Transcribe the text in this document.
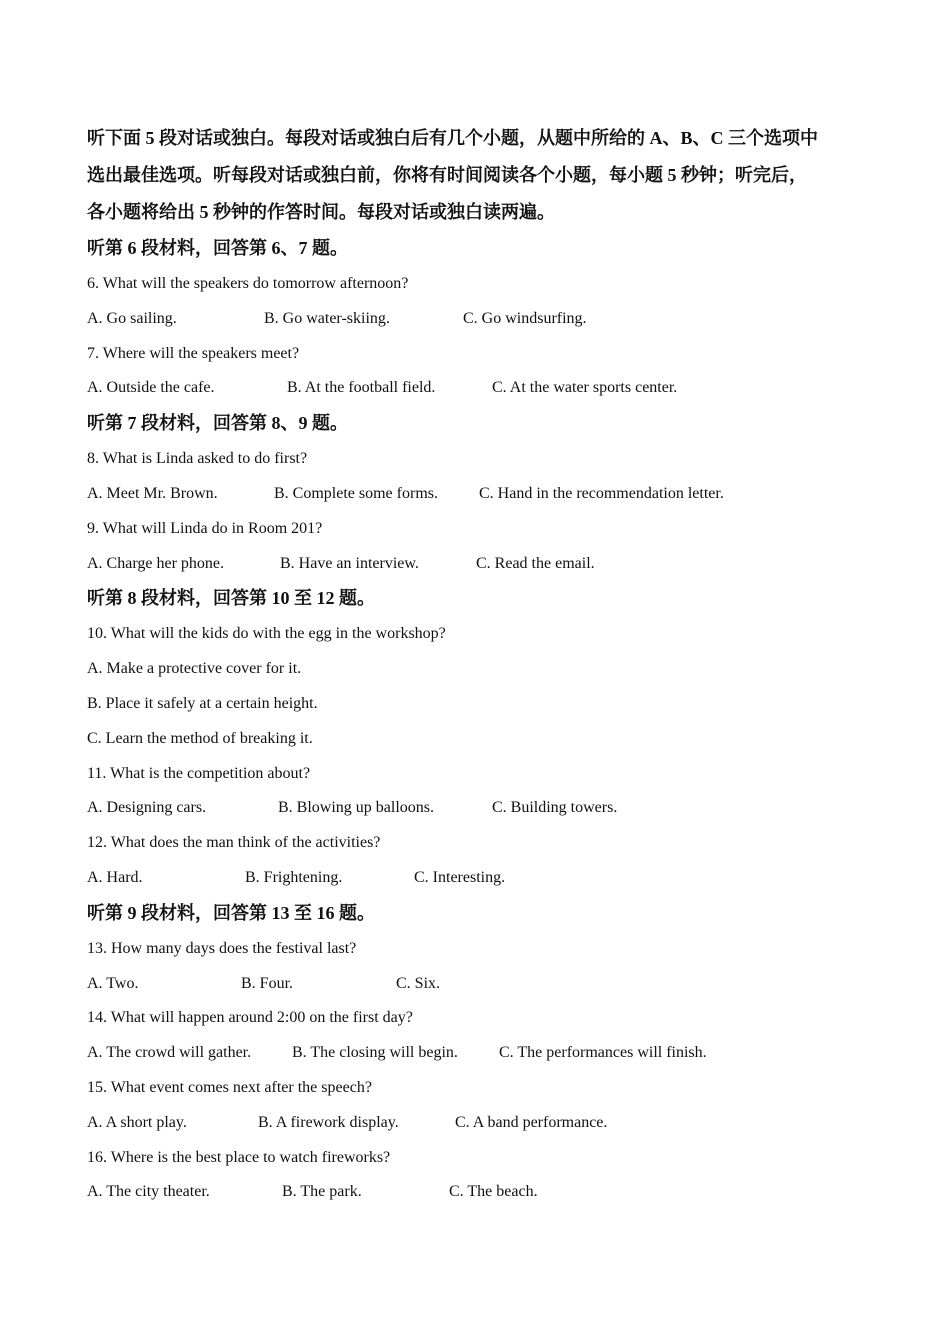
听下面 5 段对话或独白。每段对话或独白后有几个小题，从题中所给的 A、B、C 三个选项中
选出最佳选项。听每段对话或独白前，你将有时间阅读各个小题，每小题 5 秒钟；听完后，
各小题将给出 5 秒钟的作答时间。每段对话或独白读两遍。

听第 6 段材料，回答第 6、7 题。

6. What will the speakers do tomorrow afternoon?

A. Go sailing.	B. Go water-skiing.	C. Go windsurfing.

7. Where will the speakers meet?

A. Outside the cafe.	B. At the football field.	C. At the water sports center.

听第 7 段材料，回答第 8、9 题。

8. What is Linda asked to do first?

A. Meet Mr. Brown.	B. Complete some forms.	C. Hand in the recommendation letter.

9. What will Linda do in Room 201?

A. Charge her phone.	B. Have an interview.	C. Read the email.

听第 8 段材料，回答第 10 至 12 题。

10. What will the kids do with the egg in the workshop?

A. Make a protective cover for it.

B. Place it safely at a certain height.

C. Learn the method of breaking it.

11. What is the competition about?

A. Designing cars.	B. Blowing up balloons.	C. Building towers.

12. What does the man think of the activities?

A. Hard.	B. Frightening.	C. Interesting.

听第 9 段材料，回答第 13 至 16 题。

13. How many days does the festival last?

A. Two.	B. Four.	C. Six.

14. What will happen around 2:00 on the first day?

A. The crowd will gather.	B. The closing will begin.	C. The performances will finish.

15. What event comes next after the speech?

A. A short play.	B. A firework display.	C. A band performance.

16. Where is the best place to watch fireworks?

A. The city theater.	B. The park.	C. The beach.
